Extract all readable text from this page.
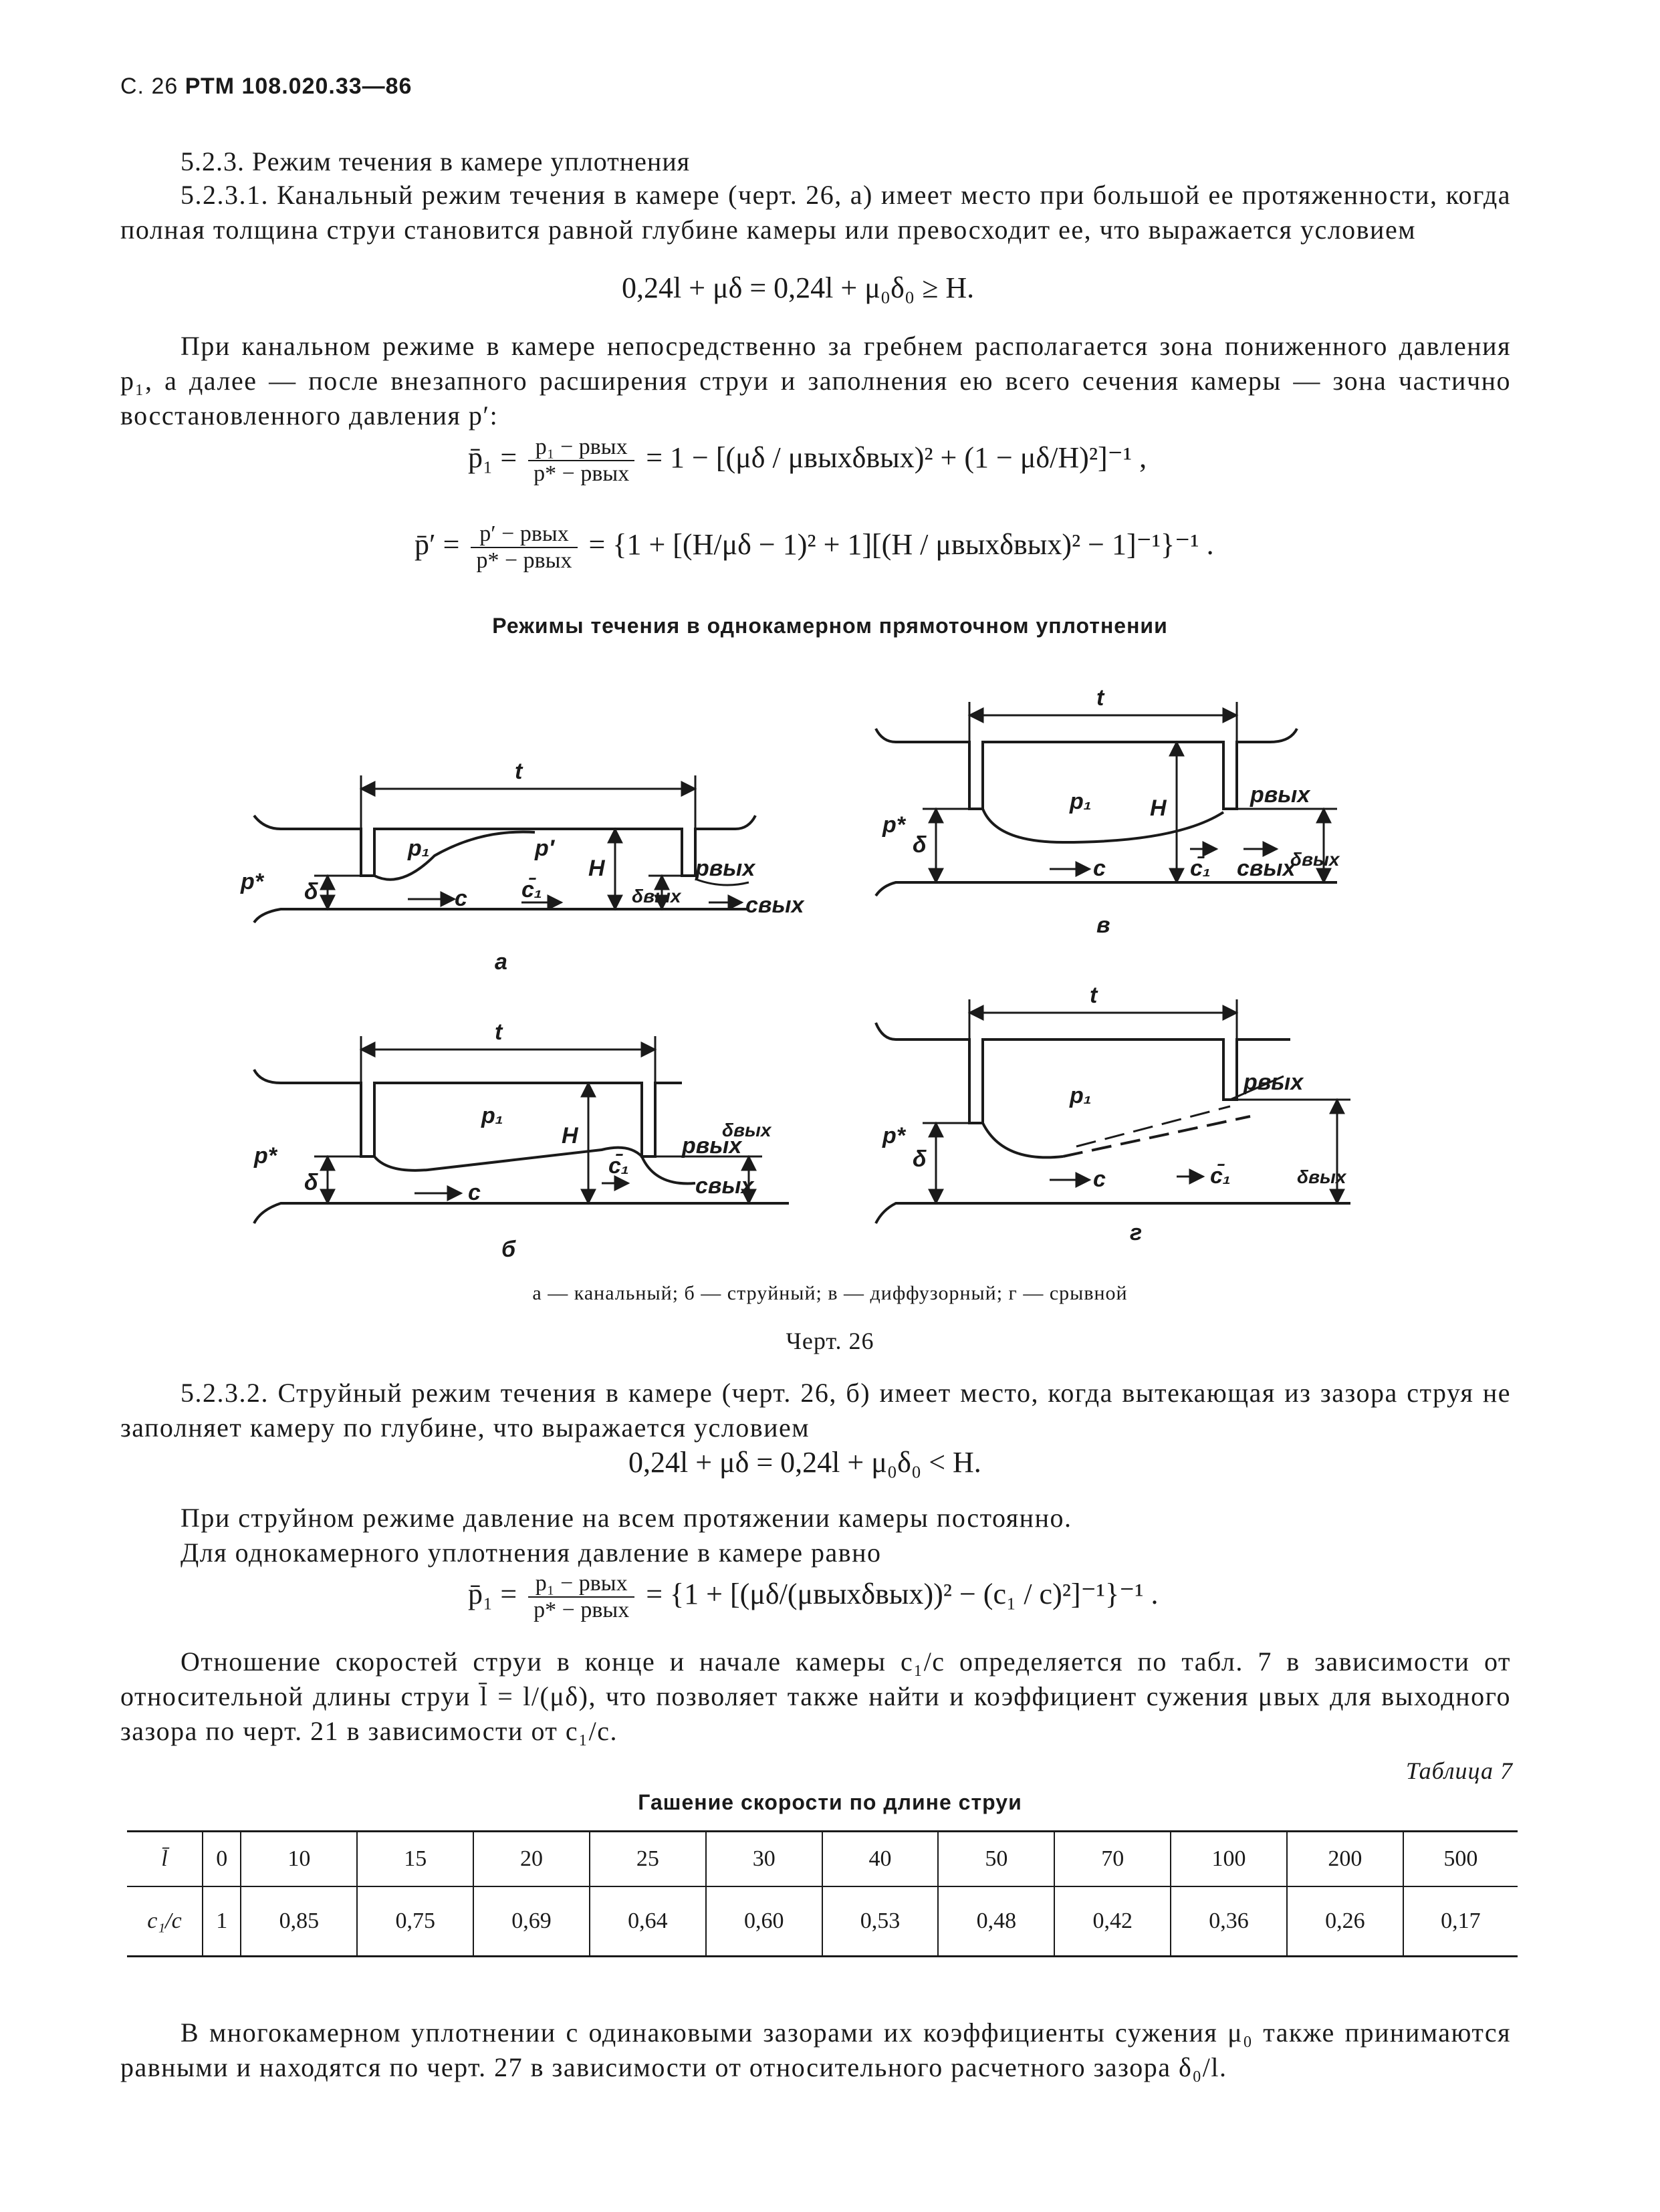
С. 26 РТМ 108.020.33—86
5.2.3. Режим течения в камере уплотнения
5.2.3.1. Канальный режим течения в камере (черт. 26, а) имеет место при большой ее протяженности, когда полная толщина струи становится равной глубине камеры или превосходит ее, что выражается условием
0,24l + μδ = 0,24l + μ₀δ₀ ≥ H.
При канальном режиме в камере непосредственно за гребнем располагается зона пониженного давления p₁, а далее — после внезапного расширения струи и заполнения ею всего сечения камеры — зона частично восстановленного давления p′:
p̄₁ = $\frac{\text{p₁ − pвых}}{\text{p* − pвых}} = 1 - [(\mu\delta / \mu вых\delta вых)^2 + (1 - \mu\delta/H)^2]^{-1}$ ,
p̄′ = $\frac{\text{p′ − pвых}}{\text{p* − pвых}} = \{1 + [(H/\mu\delta - 1)^2 + 1][(H / \mu вых\delta вых)^2 - 1]^{-1}\}^{-1}$ .
Режимы течения в однокамерном прямоточном уплотнении
t
p₁	p′
H
δ
p*
δвых
c c̄₁
pвых
cвых
а
t
p₁
H
δ
p*	pвых
δвых
c
c̄₁
cвых
б
t
p₁	H
δ
p*
pвых
δвых
c	c̄₁ cвых
в
t
p₁
δ
p*
pвых
δвых
c	c̄₁
г
а — канальный; б — струйный; в — диффузорный; г — срывной
Черт. 26
5.2.3.2. Струйный режим течения в камере (черт. 26, б) имеет место, когда вытекающая из зазора струя не заполняет камеру по глубине, что выражается условием
0,24l + μδ = 0,24l + μ₀δ₀ < H.
При струйном режиме давление на всем протяжении камеры постоянно.
Для однокамерного уплотнения давление в камере равно
p̄₁ = $\frac{\text{p₁ − pвых}}{\text{p* − pвых}} = \{1 + [(\mu\delta/(\mu вых\delta вых))^2 - (c_1 / c)^2]^{-1}\}^{-1}$ .
Отношение скоростей струи в конце и начале камеры c₁/c определяется по табл. 7 в зависимости от относительной длины струи l̄ = l/(μδ), что позволяет также найти и коэффициент сужения μвых для выходного зазора по черт. 21 в зависимости от c₁/c.
Таблица 7
Гашение скорости по длине струи
l̄	0	10	15	20	25	30	40	50	70	100	200	500
c₁/c	1	0,85	0,75	0,69	0,64	0,60	0,53	0,48	0,42	0,36	0,26	0,17
В многокамерном уплотнении с одинаковыми зазорами их коэффициенты сужения μ₀ также принимаются равными и находятся по черт. 27 в зависимости от относительного расчетного зазора δ₀/l.
